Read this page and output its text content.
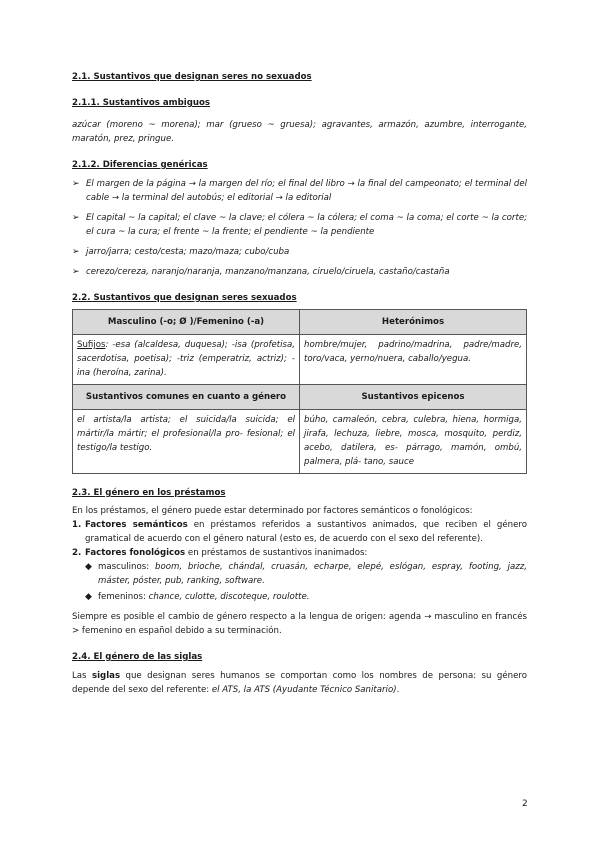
2.1. Sustantivos que designan seres no sexuados

2.1.1. Sustantivos ambiguos

azúcar (moreno ~ morena); mar (grueso ~ gruesa); agravantes, armazón, azumbre, interrogante, maratón, prez, pringue.

2.1.2. Diferencias genéricas

➢ El margen de la página → la margen del río; el final del libro → la final del campeonato; el terminal del cable → la terminal del autobús; el editorial → la editorial
➢ El capital ~ la capital; el clave ~ la clave; el cólera ~ la cólera; el coma ~ la coma; el corte ~ la corte; el cura ~ la cura; el frente ~ la frente; el pendiente ~ la pendiente
➢ jarro/jarra; cesto/cesta; mazo/maza; cubo/cuba
➢ cerezo/cereza, naranjo/naranja, manzano/manzana, ciruelo/ciruela, castaño/castaña

2.2. Sustantivos que designan seres sexuados

Masculino (-o; Ø )/Femenino (-a)	Heterónimos
Sufijos: -esa (alcaldesa, duquesa); -isa (profetisa, sacerdotisa, poetisa); -triz (emperatriz, actriz); -ina (heroína, zarina).	hombre/mujer, padrino/madrina, padre/madre, toro/vaca, yerno/nuera, caballo/yegua.
Sustantivos comunes en cuanto a género	Sustantivos epicenos
el artista/la artista; el suicida/la suicida; el mártir/la mártir; el profesional/la pro- fesional; el testigo/la testigo.	búho, camaleón, cebra, culebra, hiena, hormiga, jirafa, lechuza, liebre, mosca, mosquito, perdiz, acebo, datilera, es- párrago, mamón, ombú, palmera, plá- tano, sauce

2.3. El género en los préstamos

En los préstamos, el género puede estar determinado por factores semánticos o fonológicos:
1. Factores semánticos en préstamos referidos a sustantivos animados, que reciben el género gramatical de acuerdo con el género natural (esto es, de acuerdo con el sexo del referente).
2. Factores fonológicos en préstamos de sustantivos inanimados:
◆ masculinos: boom, brioche, chándal, cruasán, echarpe, elepé, eslógan, espray, footing, jazz, máster, póster, pub, ranking, software.
◆ femeninos: chance, culotte, discoteque, roulotte.
Siempre es posible el cambio de género respecto a la lengua de origen: agenda → masculino en francés > femenino en español debido a su terminación.

2.4. El género de las siglas

Las siglas que designan seres humanos se comportan como los nombres de persona: su género depende del sexo del referente: el ATS, la ATS (Ayudante Técnico Sanitario).
2
